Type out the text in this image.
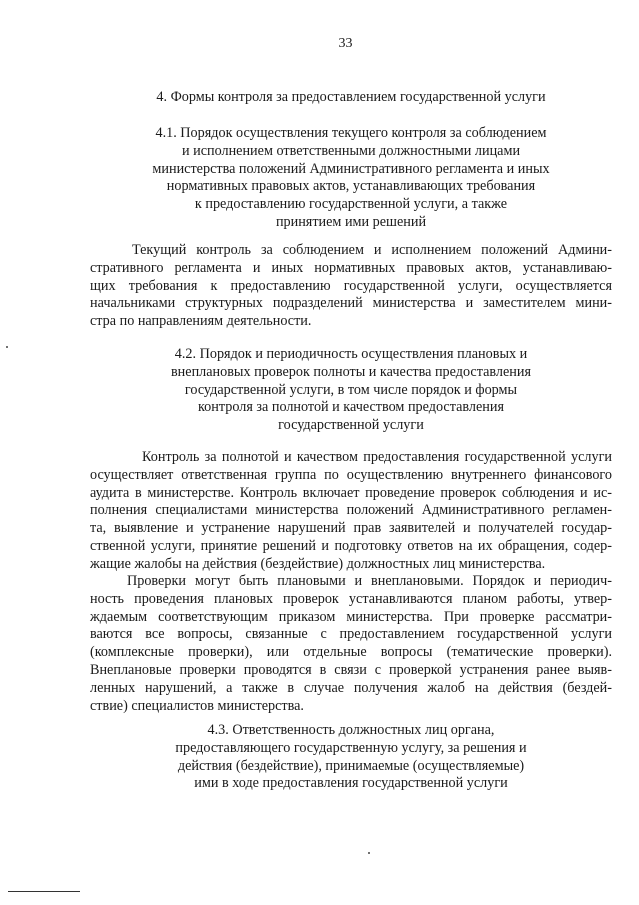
33
4. Формы контроля за предоставлением государственной услуги
4.1. Порядок осуществления текущего контроля за соблюдением
и исполнением ответственными должностными лицами
министерства положений Административного регламента и иных
нормативных правовых актов, устанавливающих требования
к предоставлению государственной услуги, а также
принятием ими решений
Текущий контроль за соблюдением и исполнением положений Админи-
стративного регламента и иных нормативных правовых актов, устанавливаю-
щих требования к предоставлению государственной услуги, осуществляется
начальниками структурных подразделений министерства и заместителем мини-
стра по направлениям деятельности.
4.2. Порядок и периодичность осуществления плановых и
внеплановых проверок полноты и качества предоставления
государственной услуги, в том числе порядок и формы
контроля за полнотой и качеством предоставления
государственной услуги
Контроль за полнотой и качеством предоставления государственной услуги
осуществляет ответственная группа по осуществлению внутреннего финансового
аудита в министерстве. Контроль включает проведение проверок соблюдения и ис-
полнения специалистами министерства положений Административного регламен-
та, выявление и устранение нарушений прав заявителей и получателей государ-
ственной услуги, принятие решений и подготовку ответов на их обращения, содер-
жащие жалобы на действия (бездействие) должностных лиц министерства.
Проверки могут быть плановыми и внеплановыми. Порядок и периодич-
ность проведения плановых проверок устанавливаются планом работы, утвер-
ждаемым соответствующим приказом министерства. При проверке рассматри-
ваются все вопросы, связанные с предоставлением государственной услуги
(комплексные проверки), или отдельные вопросы (тематические проверки).
Внеплановые проверки проводятся в связи с проверкой устранения ранее выяв-
ленных нарушений, а также в случае получения жалоб на действия (бездей-
ствие) специалистов министерства.
4.3. Ответственность должностных лиц органа,
предоставляющего государственную услугу, за решения и
действия (бездействие), принимаемые (осуществляемые)
ими в ходе предоставления государственной услуги
